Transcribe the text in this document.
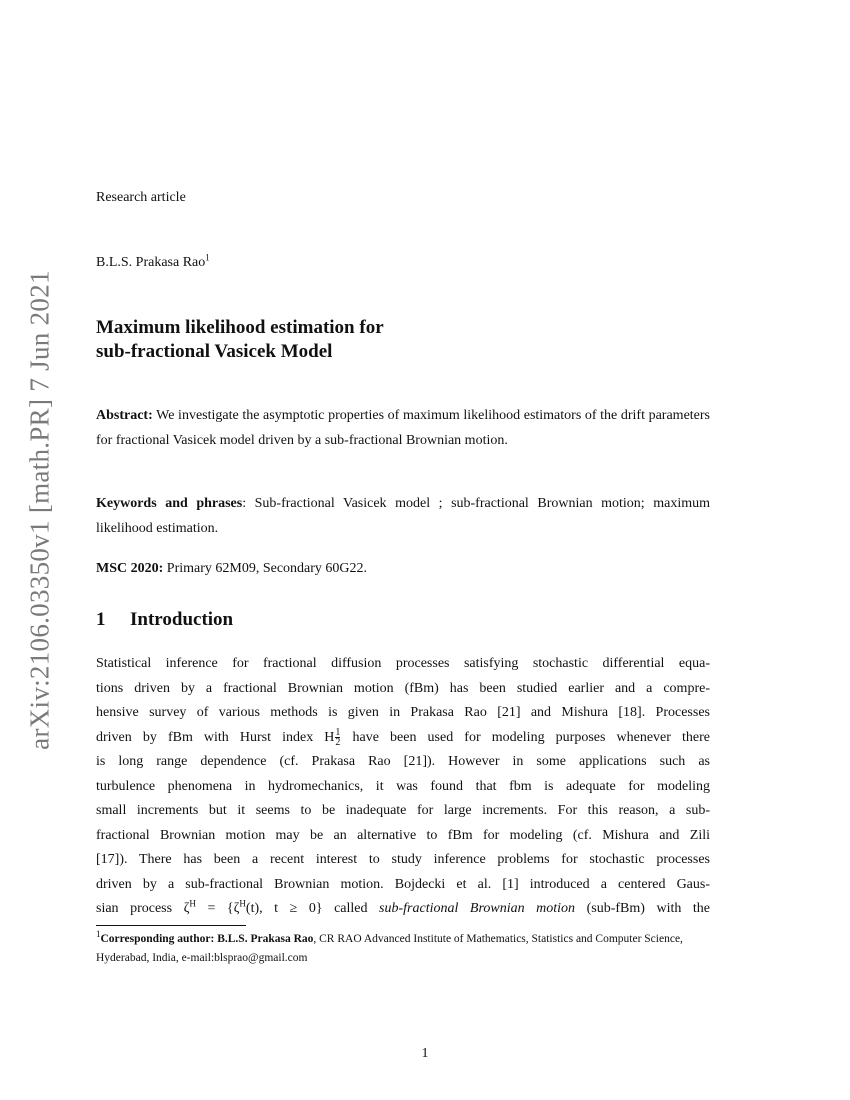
arXiv:2106.03350v1 [math.PR] 7 Jun 2021
Research article
B.L.S. Prakasa Rao$^1$
Maximum likelihood estimation for
sub-fractional Vasicek Model
Abstract: We investigate the asymptotic properties of maximum likelihood estimators of the drift parameters for fractional Vasicek model driven by a sub-fractional Brownian motion.
Keywords and phrases: Sub-fractional Vasicek model ; sub-fractional Brownian motion; maximum likelihood estimation.
MSC 2020: Primary 62M09, Secondary 60G22.
1 Introduction
Statistical inference for fractional diffusion processes satisfying stochastic differential equa-
tions driven by a fractional Brownian motion (fBm) has been studied earlier and a compre-
hensive survey of various methods is given in Prakasa Rao [21] and Mishura [18]. Processes
driven by fBm with Hurst index H $\frac{1}{2}$ have been used for modeling purposes whenever there
is long range dependence (cf. Prakasa Rao [21]). However in some applications such as
turbulence phenomena in hydromechanics, it was found that fbm is adequate for modeling
small increments but it seems to be inadequate for large increments. For this reason, a sub-
fractional Brownian motion may be an alternative to fBm for modeling (cf. Mishura and Zili
[17]). There has been a recent interest to study inference problems for stochastic processes
driven by a sub-fractional Brownian motion. Bojdecki et al. [1] introduced a centered Gaus-
sian process $\zeta^H = \{\zeta^H(t)$, t ≥ 0} called sub-fractional Brownian motion (sub-fBm) with the
$^1$Corresponding author: B.L.S. Prakasa Rao, CR RAO Advanced Institute of Mathematics, Statistics and Computer Science, Hyderabad, India, e-mail:blsprao@gmail.com
1
